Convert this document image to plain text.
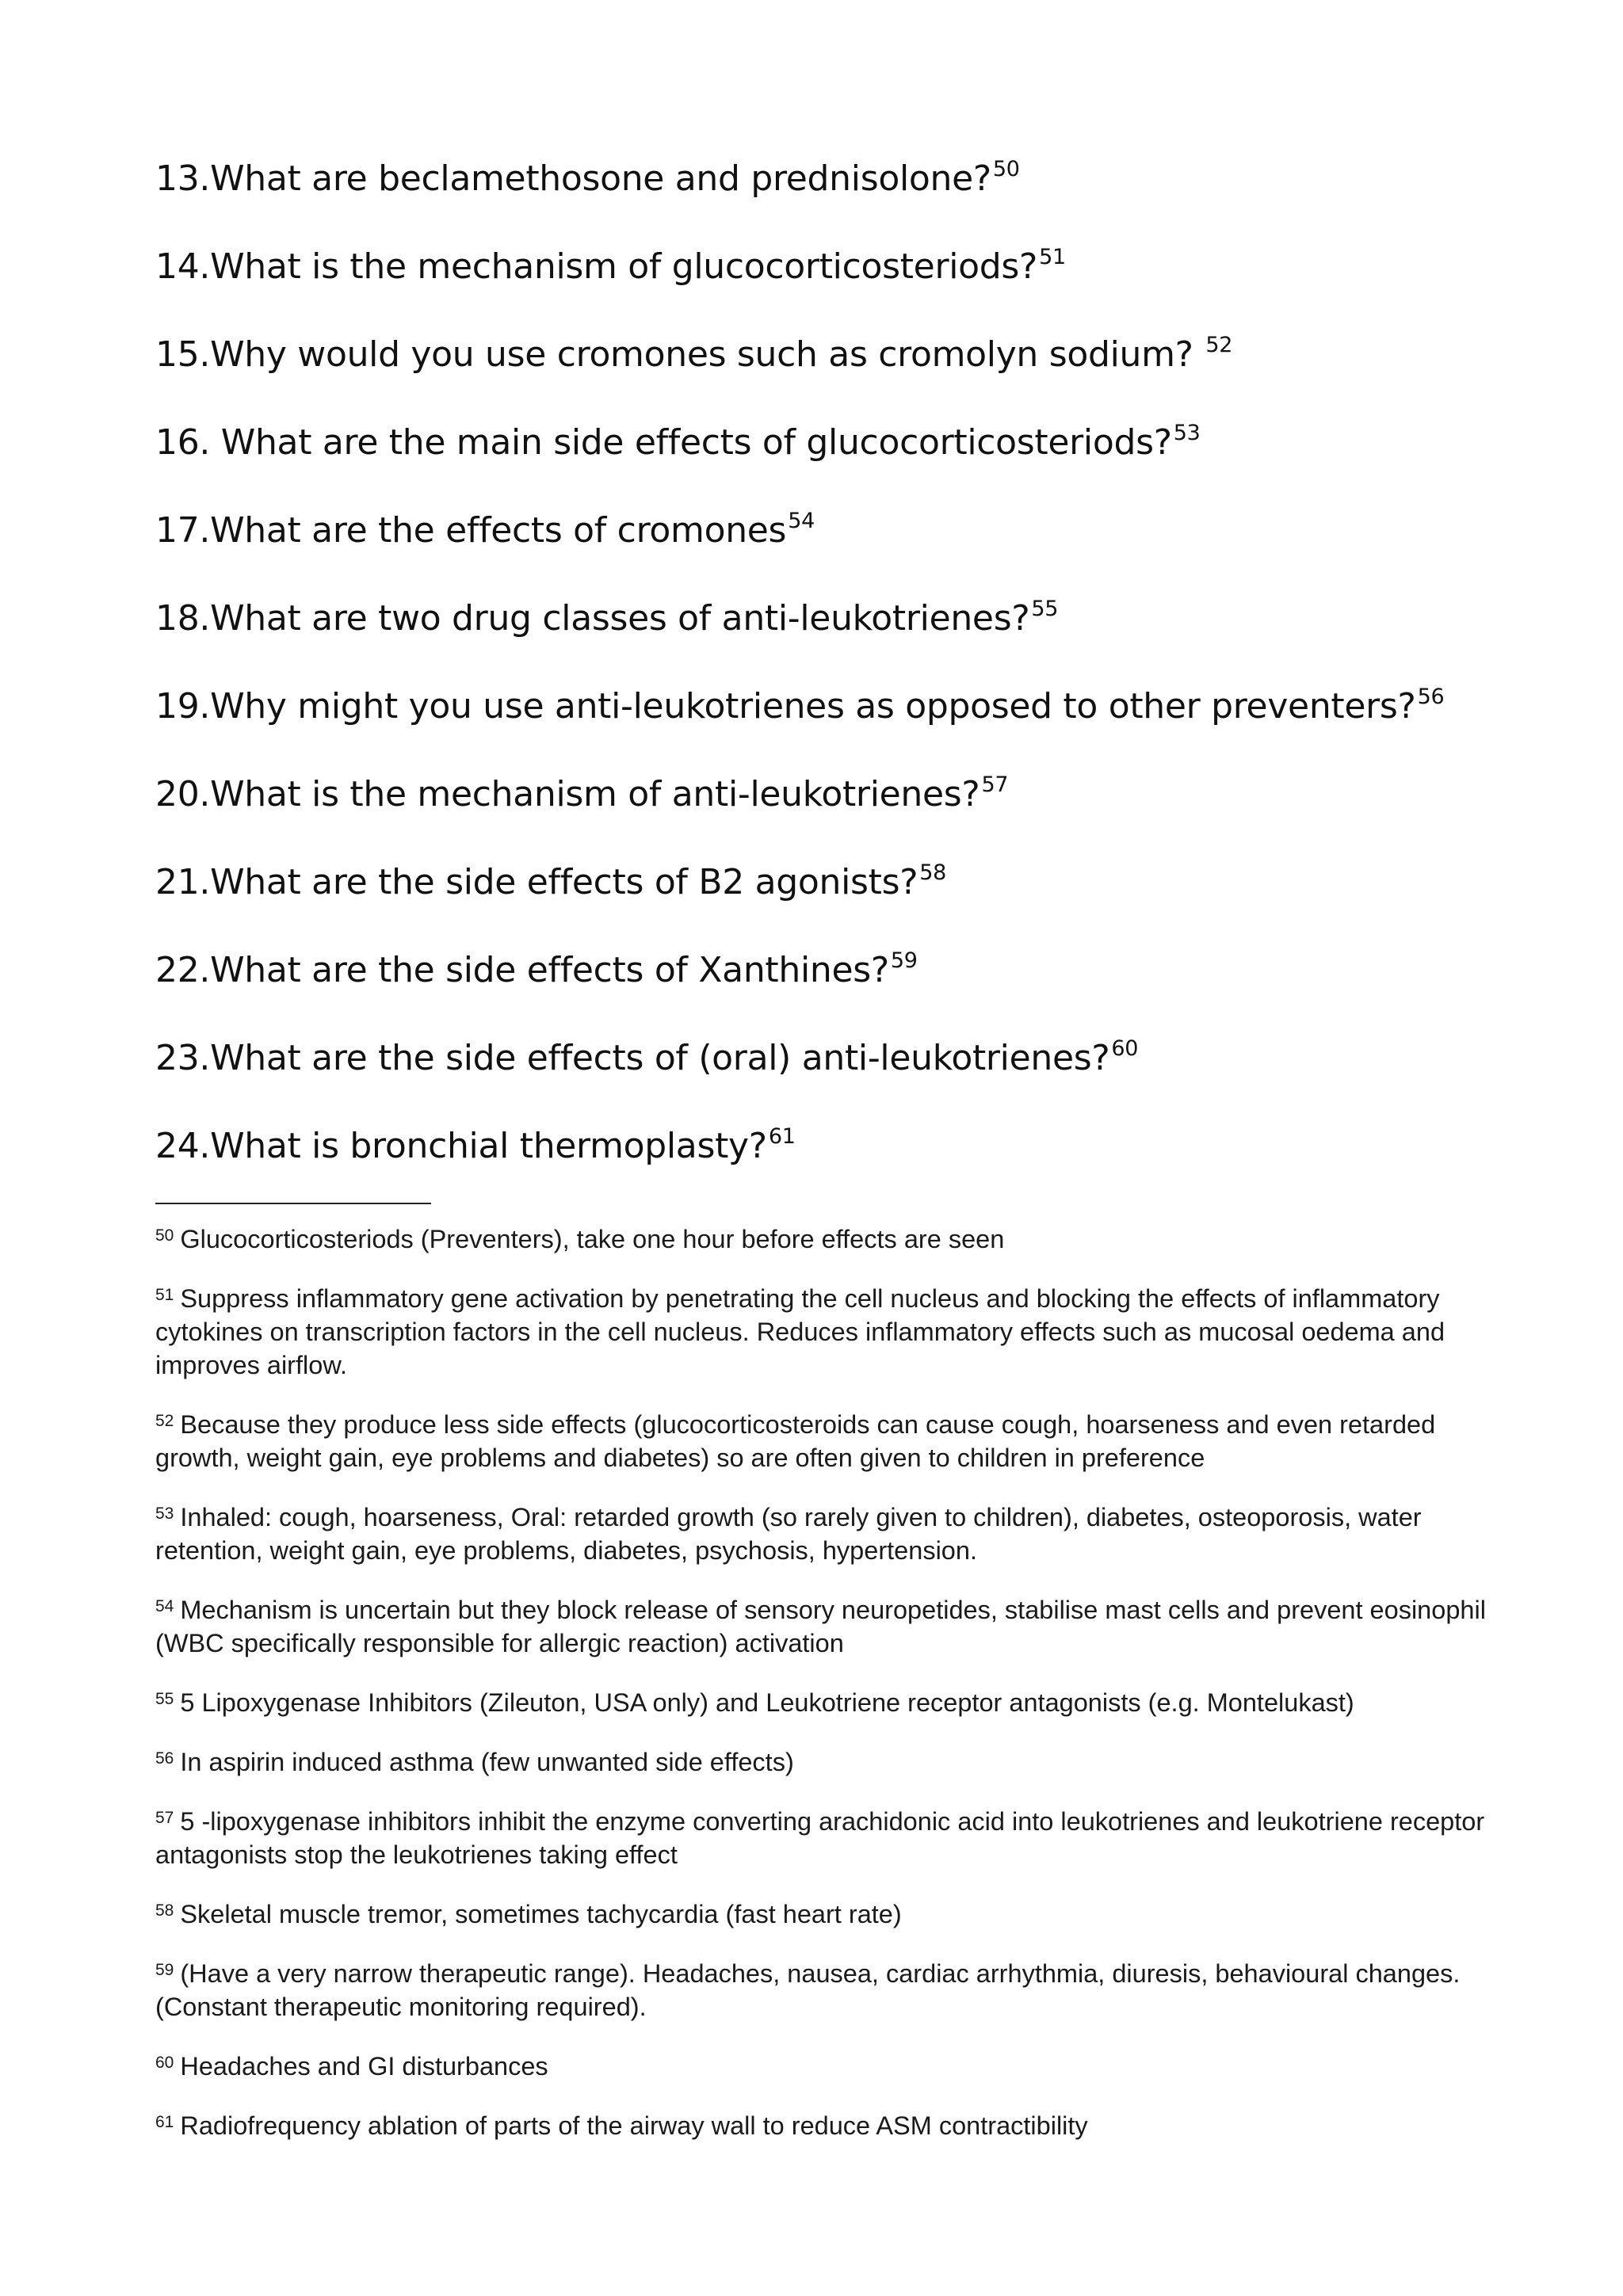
13.What are beclamethosone and prednisolone?$^{50}$

14.What is the mechanism of glucocorticosteriods?$^{51}$

15.Why would you use cromones such as cromolyn sodium? $^{52}$

16. What are the main side effects of glucocorticosteriods?$^{53}$

17.What are the effects of cromones$^{54}$

18.What are two drug classes of anti-leukotrienes?$^{55}$

19.Why might you use anti-leukotrienes as opposed to other preventers?$^{56}$

20.What is the mechanism of anti-leukotrienes?$^{57}$

21.What are the side effects of B2 agonists?$^{58}$

22.What are the side effects of Xanthines?$^{59}$

23.What are the side effects of (oral) anti-leukotrienes?$^{60}$

24.What is bronchial thermoplasty?$^{61}$

$^{50}$ Glucocorticosteriods (Preventers), take one hour before effects are seen

$^{51}$ Suppress inflammatory gene activation by penetrating the cell nucleus and blocking the effects of inflammatory cytokines on transcription factors in the cell nucleus. Reduces inflammatory effects such as mucosal oedema and improves airflow.

$^{52}$ Because they produce less side effects (glucocorticosteroids can cause cough, hoarseness and even retarded growth, weight gain, eye problems and diabetes) so are often given to children in preference

$^{53}$ Inhaled: cough, hoarseness, Oral: retarded growth (so rarely given to children), diabetes, osteoporosis, water retention, weight gain, eye problems, diabetes, psychosis, hypertension.

$^{54}$ Mechanism is uncertain but they block release of sensory neuropetides, stabilise mast cells and prevent eosinophil (WBC specifically responsible for allergic reaction) activation

$^{55}$ 5 Lipoxygenase Inhibitors (Zileuton, USA only) and Leukotriene receptor antagonists (e.g. Montelukast)

$^{56}$ In aspirin induced asthma (few unwanted side effects)

$^{57}$ 5 -lipoxygenase inhibitors inhibit the enzyme converting arachidonic acid into leukotrienes and leukotriene receptor antagonists stop the leukotrienes taking effect

$^{58}$ Skeletal muscle tremor, sometimes tachycardia (fast heart rate)

$^{59}$ (Have a very narrow therapeutic range). Headaches, nausea, cardiac arrhythmia, diuresis, behavioural changes. (Constant therapeutic monitoring required).

$^{60}$ Headaches and GI disturbances

$^{61}$ Radiofrequency ablation of parts of the airway wall to reduce ASM contractibility
